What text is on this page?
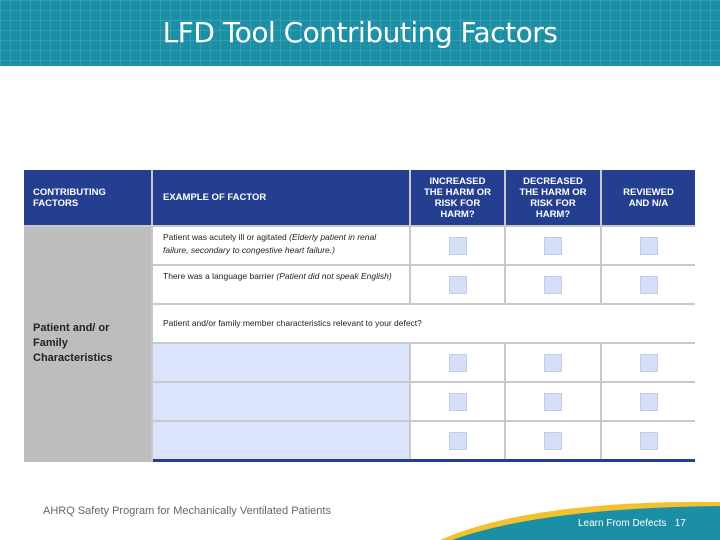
LFD Tool Contributing Factors
CONTRIBUTING FACTORS	EXAMPLE OF FACTOR
INCREASED THE HARM OR RISK FOR HARM?
DECREASED THE HARM OR RISK FOR HARM?
REVIEWED AND N/A
Patient and/ or Family Characteristics
Patient was acutely ill or agitated (Elderly patient in renal failure, secondary to congestive heart failure.)
There was a language barrier (Patient did not speak English)
Patient and/or family member characteristics relevant to your defect?
AHRQ Safety Program for Mechanically Ventilated Patients
Learn From Defects 17
